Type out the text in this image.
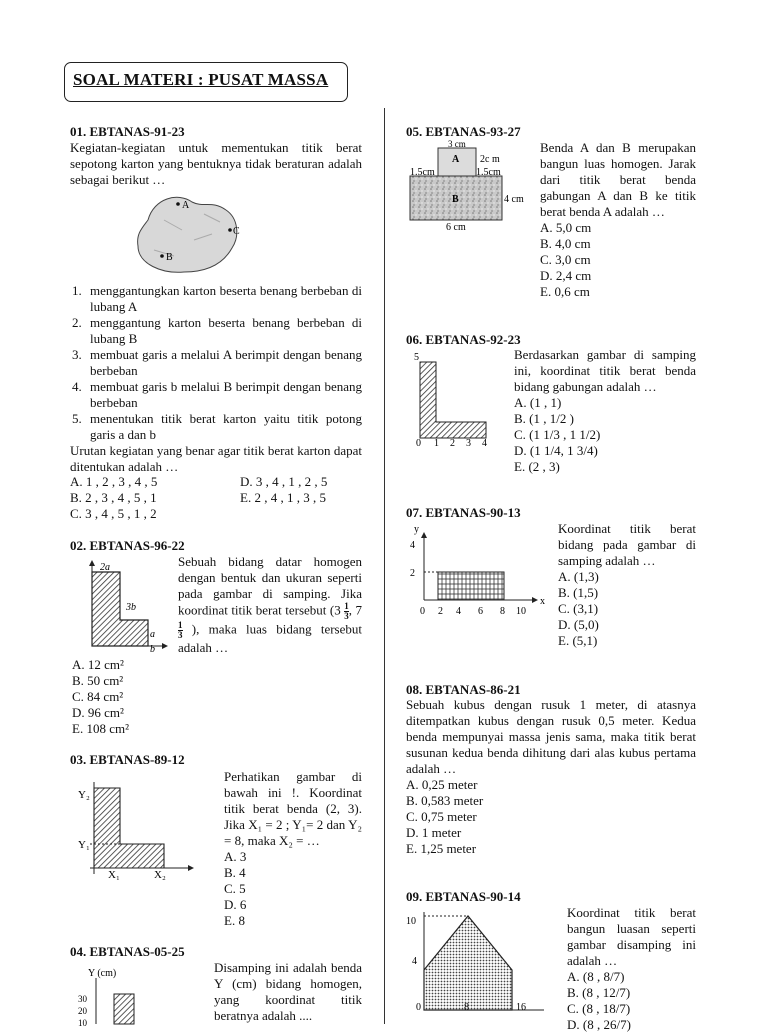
SOAL MATERI : PUSAT MASSA
01. EBTANAS-91-23
Kegiatan-kegiatan untuk mementukan titik berat sepotong karton yang bentuknya tidak beraturan adalah sebagai berikut …
A
C
B
1. menggantungkan karton beserta benang berbeban di lubang A
2. menggantung karton beserta benang berbeban di lubang B
3. membuat garis a melalui A berimpit dengan benang berbeban
4. membuat garis b melalui B berimpit dengan benang berbeban
5. menentukan titik berat karton yaitu titik potong garis a dan b
Urutan kegiatan yang benar agar titik berat karton dapat ditentukan adalah …
A. 1 , 2 , 3 , 4 , 5	D. 3 , 4 , 1 , 2 , 5
B. 2 , 3 , 4 , 5 , 1	E. 2 , 4 , 1 , 3 , 5
C. 3 , 4 , 5 , 1 , 2
02. EBTANAS-96-22
2a
3b
a
b
Sebuah bidang datar homogen dengan bentuk dan ukuran seperti pada gambar di samping. Jika koordinat titik berat tersebut ($3 \frac{1}{3}$, 7
$\frac{1}{3}$ ), maka luas bidang tersebut adalah …
A. 12 cm²
B. 50 cm²
C. 84 cm²
D. 96 cm²
E. 108 cm²
03. EBTANAS-89-12
Y₂
Y₁
X₁	X₂
Perhatikan gambar di bawah ini !. Koordinat titik berat benda (2, 3). Jika X₁ = 2 ; Y₁= 2 dan Y₂ = 8, maka X₂ = …
A. 3
B. 4
C. 5
D. 6
E. 8
04. EBTANAS-05-25
Y (cm)
30
20
10
Disamping ini adalah benda Y (cm) bidang homogen, yang koordinat titik beratnya adalah ....
05. EBTANAS-93-27
3 cm
A 2c m
1.5cm	1.5cm
B	4 cm
6 cm
Benda A dan B merupakan bangun luas homogen. Jarak dari titik berat benda gabungan A dan B ke titik berat benda A adalah …
A. 5,0 cm
B. 4,0 cm
C. 3,0 cm
D. 2,4 cm
E. 0,6 cm
06. EBTANAS-92-23
5
0 1 2 3 4
Berdasarkan gambar di samping ini, koordinat titik berat benda bidang gabungan adalah …
A. (1 , 1)
B. (1 , 1/2 )
C. (1 1/3 , 1 1/2)
D. (1 1/4, 1 3/4)
E. (2 , 3)
07. EBTANAS-90-13
y
4
2
x
0 2 4 6 8 10
Koordinat titik berat bidang pada gambar di samping adalah …
A. (1,3)
B. (1,5)
C. (3,1)
D. (5,0)
E. (5,1)
08. EBTANAS-86-21
Sebuah kubus dengan rusuk 1 meter, di atasnya ditempatkan kubus dengan rusuk 0,5 meter. Kedua benda mempunyai massa jenis sama, maka titik berat susunan kedua benda dihitung dari alas kubus pertama adalah …
A. 0,25 meter
B. 0,583 meter
C. 0,75 meter
D. 1 meter
E. 1,25 meter
09. EBTANAS-90-14
10
4
0	8	16
Koordinat titik berat bangun luasan seperti gambar disamping ini adalah …
A. (8 , 8/7)
B. (8 , 12/7)
C. (8 , 18/7)
D. (8 , 26/7)
